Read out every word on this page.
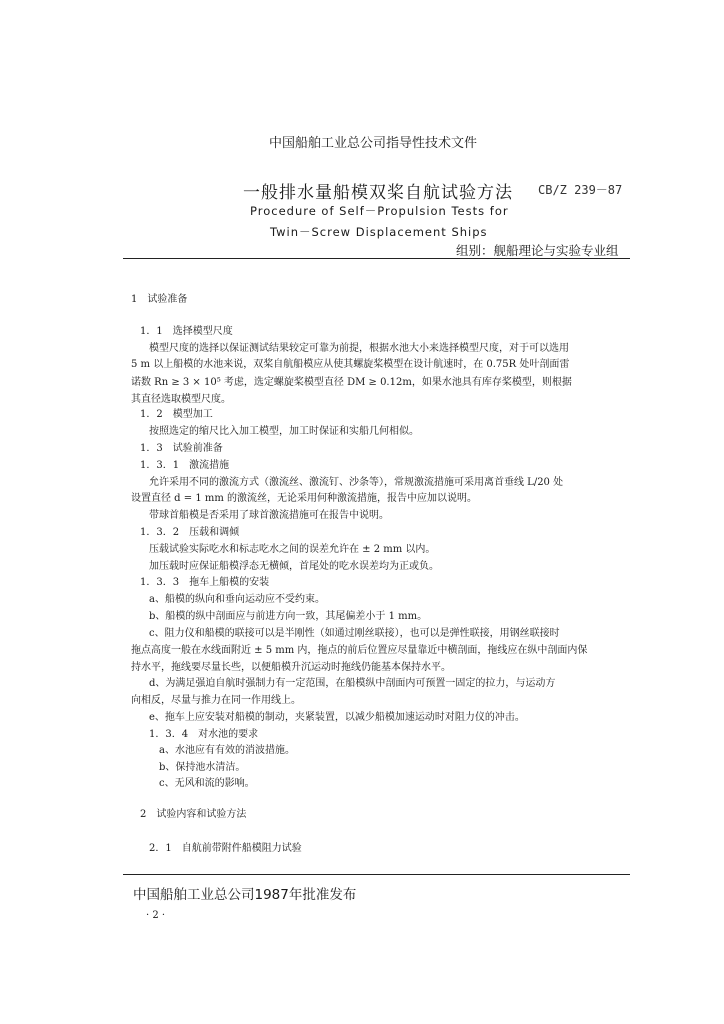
中国船舶工业总公司指导性技术文件
一般排水量船模双桨自航试验方法 CB/Z 239－87
Procedure of Self－Propulsion Tests for
Twin－Screw Displacement Ships
组别：舰船理论与实验专业组
1　试验准备
1．1　选择模型尺度
模型尺度的选择以保证测试结果较定可靠为前提，根据水池大小来选择模型尺度，对于可以选用
5 m 以上船模的水池来说，双桨自航船模应从使其螺旋桨模型在设计航速时，在 0.75R 处叶剖面雷
诺数 Rn ≥ 3 × 10⁵ 考虑，选定螺旋桨模型直径 DM ≥ 0.12m，如果水池具有库存桨模型，则根据
其直径选取模型尺度。
1．2　模型加工
按照选定的缩尺比入加工模型，加工时保证和实船几何相似。
1．3　试验前准备
1．3．1　激流措施
允许采用不同的激流方式（激流丝、激流钉、沙条等），常规激流措施可采用离首垂线 L/20 处
设置直径 d = 1 mm 的激流丝，无论采用何种激流措施，报告中应加以说明。
带球首船模是否采用了球首激流措施可在报告中说明。
1．3．2　压载和调倾
压载试验实际吃水和标志吃水之间的误差允许在 ± 2 mm 以内。
加压载时应保证船模浮态无横倾，首尾处的吃水误差均为正或负。
1．3．3　拖车上船模的安装
a、船模的纵向和垂向运动应不受约束。
b、船模的纵中剖面应与前进方向一致，其尾偏差小于 1 mm。
c、阻力仪和船模的联接可以是半刚性（如通过刚丝联接），也可以是弹性联接，用钢丝联接时
拖点高度一般在水线面附近 ± 5 mm 内，拖点的前后位置应尽量靠近中横剖面，拖线应在纵中剖面内保
持水平，拖线要尽量长些，以便船模升沉运动时拖线仍能基本保持水平。
d、为满足强迫自航时强制力有一定范围，在船模纵中剖面内可预置一固定的拉力，与运动方
向相反，尽量与推力在同一作用线上。
e、拖车上应安装对船模的制动，夹紧装置，以减少船模加速运动时对阻力仪的冲击。
1．3．4　对水池的要求
a、水池应有有效的消波措施。
b、保持池水清洁。
c、无风和流的影响。
2　试验内容和试验方法
2．1　自航前带附件船模阻力试验
中国船舶工业总公司1987年批准发布
· 2 ·
